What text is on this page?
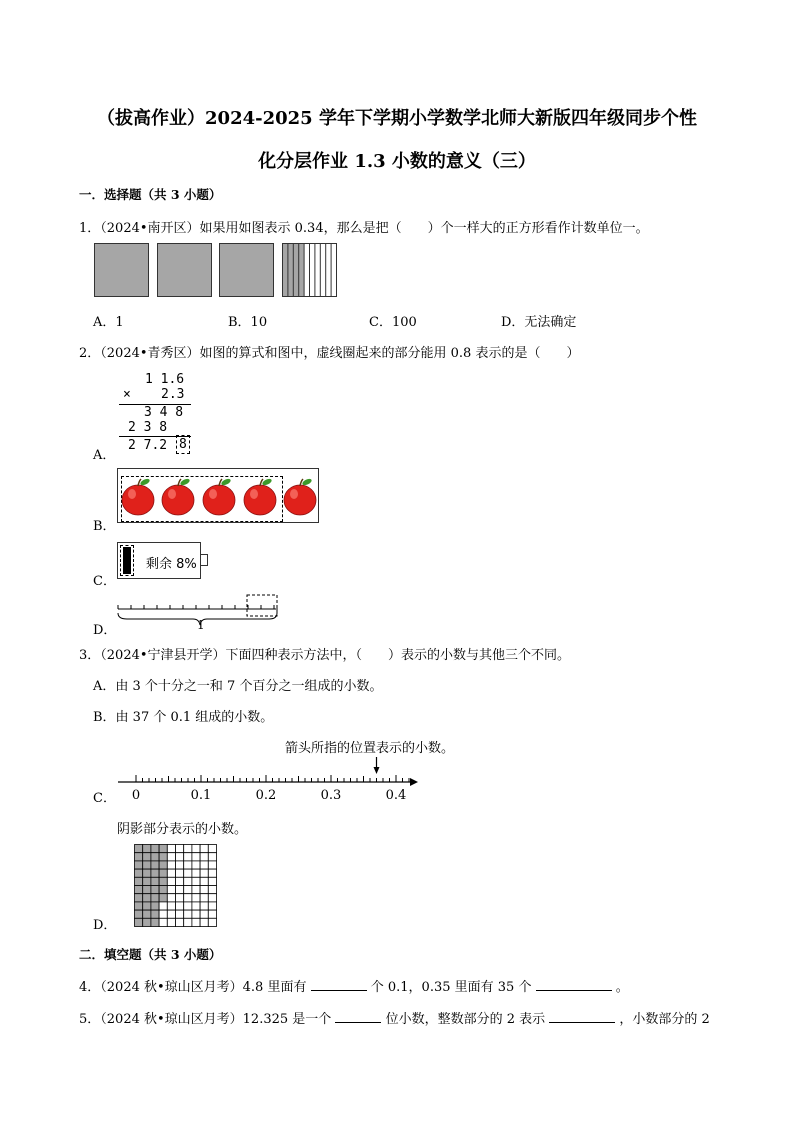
（拔高作业）2024-2025 学年下学期小学数学北师大新版四年级同步个性
化分层作业 1.3 小数的意义（三）
一．选择题（共 3 小题）
1．（2024•南开区）如果用如图表示 0.34，那么是把（　　）个一样大的正方形看作计数单位一。
A．1	B．10	C．100	D．无法确定
2．（2024•青秀区）如图的算式和图中，虚线圈起来的部分能用 0.8 表示的是（　　）
1 1.6
× 2.3
3 4 8
2 3 8
2 7.2 8
A．
B．
剩余 8%
C．
1
D．
3．（2024•宁津县开学）下面四种表示方法中，（　　）表示的小数与其他三个不同。
A．由 3 个十分之一和 7 个百分之一组成的小数。
B．由 37 个 0.1 组成的小数。
箭头所指的位置表示的小数。
0	0.1	0.2	0.3	0.4
C．
阴影部分表示的小数。
D．
二．填空题（共 3 小题）
4．（2024 秋•琼山区月考）4.8 里面有	个 0.1，0.35 里面有 35 个	。
5．（2024 秋•琼山区月考）12.325 是一个	位小数，整数部分的 2 表示	，小数部分的 2
